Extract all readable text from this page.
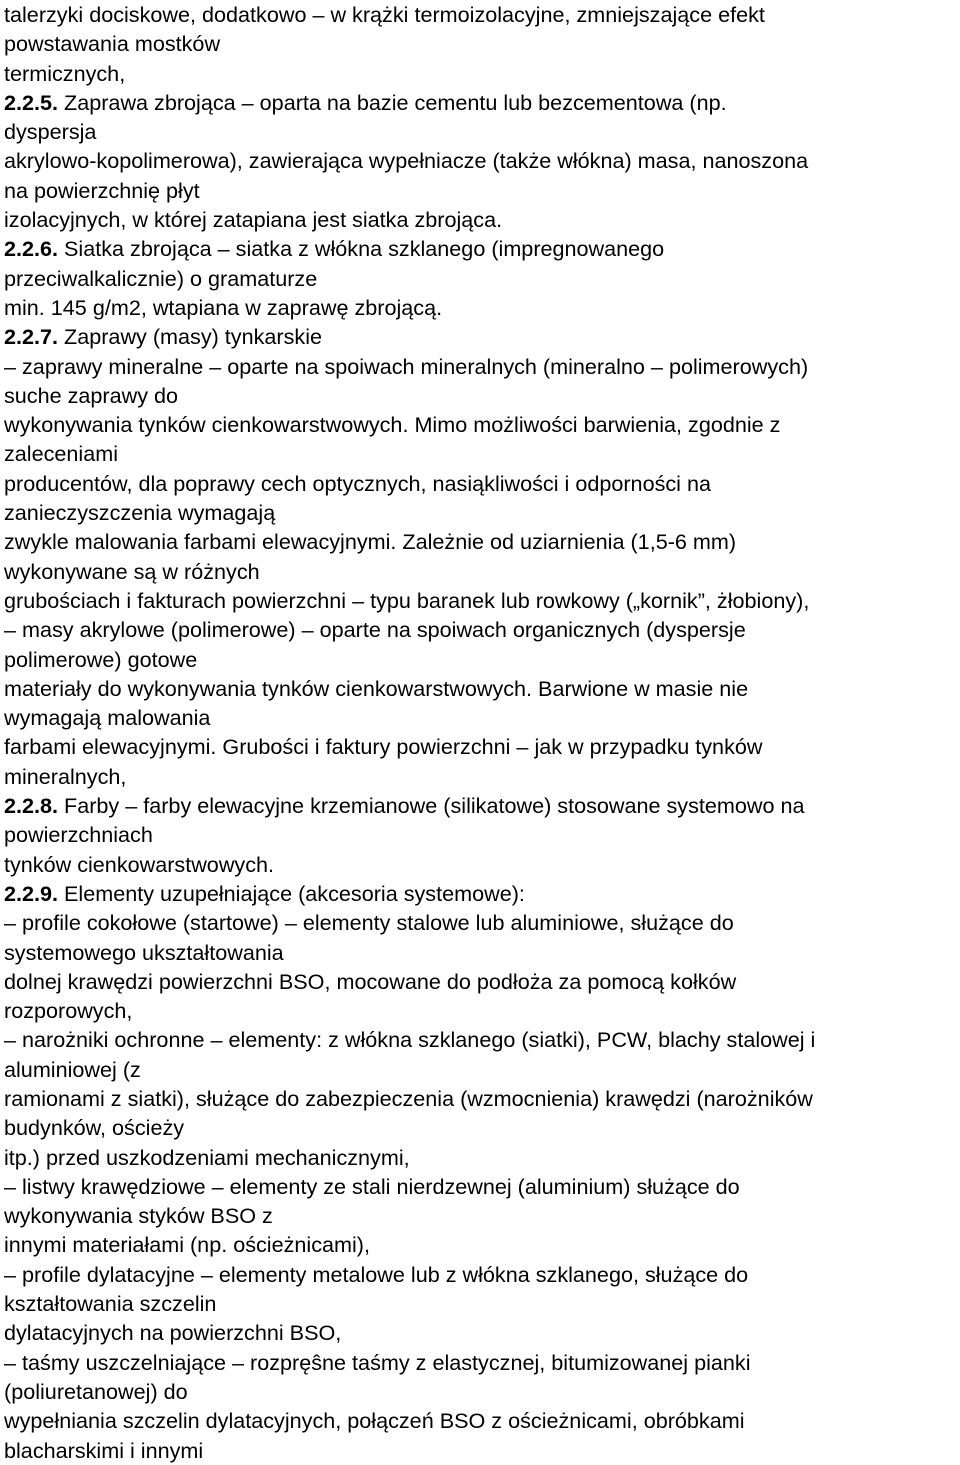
talerzyki dociskowe, dodatkowo – w krążki termoizolacyjne, zmniejszające efekt
powstawania mostków
termicznych,
2.2.5. Zaprawa zbrojąca – oparta na bazie cementu lub bezcementowa (np.
dyspersja
akrylowo-kopolimerowa), zawierająca wypełniacze (także włókna) masa, nanoszona
na powierzchnię płyt
izolacyjnych, w której zatapiana jest siatka zbrojąca.
2.2.6. Siatka zbrojąca – siatka z włókna szklanego (impregnowanego
przeciwalkalicznie) o gramaturze
min. 145 g/m2, wtapiana w zaprawę zbrojącą.
2.2.7. Zaprawy (masy) tynkarskie
– zaprawy mineralne – oparte na spoiwach mineralnych (mineralno – polimerowych)
suche zaprawy do
wykonywania tynków cienkowarstwowych. Mimo możliwości barwienia, zgodnie z
zaleceniami
producentów, dla poprawy cech optycznych, nasiąkliwości i odporności na
zanieczyszczenia wymagają
zwykle malowania farbami elewacyjnymi. Zależnie od uziarnienia (1,5-6 mm)
wykonywane są w różnych
grubościach i fakturach powierzchni – typu baranek lub rowkowy („kornik”, żłobiony),
– masy akrylowe (polimerowe) – oparte na spoiwach organicznych (dyspersje
polimerowe) gotowe
materiały do wykonywania tynków cienkowarstwowych. Barwione w masie nie
wymagają malowania
farbami elewacyjnymi. Grubości i faktury powierzchni – jak w przypadku tynków
mineralnych,
2.2.8. Farby – farby elewacyjne krzemianowe (silikatowe) stosowane systemowo na
powierzchniach
tynków cienkowarstwowych.
2.2.9. Elementy uzupełniające (akcesoria systemowe):
– profile cokołowe (startowe) – elementy stalowe lub aluminiowe, służące do
systemowego ukształtowania
dolnej krawędzi powierzchni BSO, mocowane do podłoża za pomocą kołków
rozporowych,
– narożniki ochronne – elementy: z włókna szklanego (siatki), PCW, blachy stalowej i
aluminiowej (z
ramionami z siatki), służące do zabezpieczenia (wzmocnienia) krawędzi (narożników
budynków, ościeży
itp.) przed uszkodzeniami mechanicznymi,
– listwy krawędziowe – elementy ze stali nierdzewnej (aluminium) służące do
wykonywania styków BSO z
innymi materiałami (np. ościeżnicami),
– profile dylatacyjne – elementy metalowe lub z włókna szklanego, służące do
kształtowania szczelin
dylatacyjnych na powierzchni BSO,
– taśmy uszczelniające – rozpręŝne taśmy z elastycznej, bitumizowanej pianki
(poliuretanowej) do
wypełniania szczelin dylatacyjnych, połączeń BSO z ościeżnicami, obróbkami
blacharskimi i innymi
